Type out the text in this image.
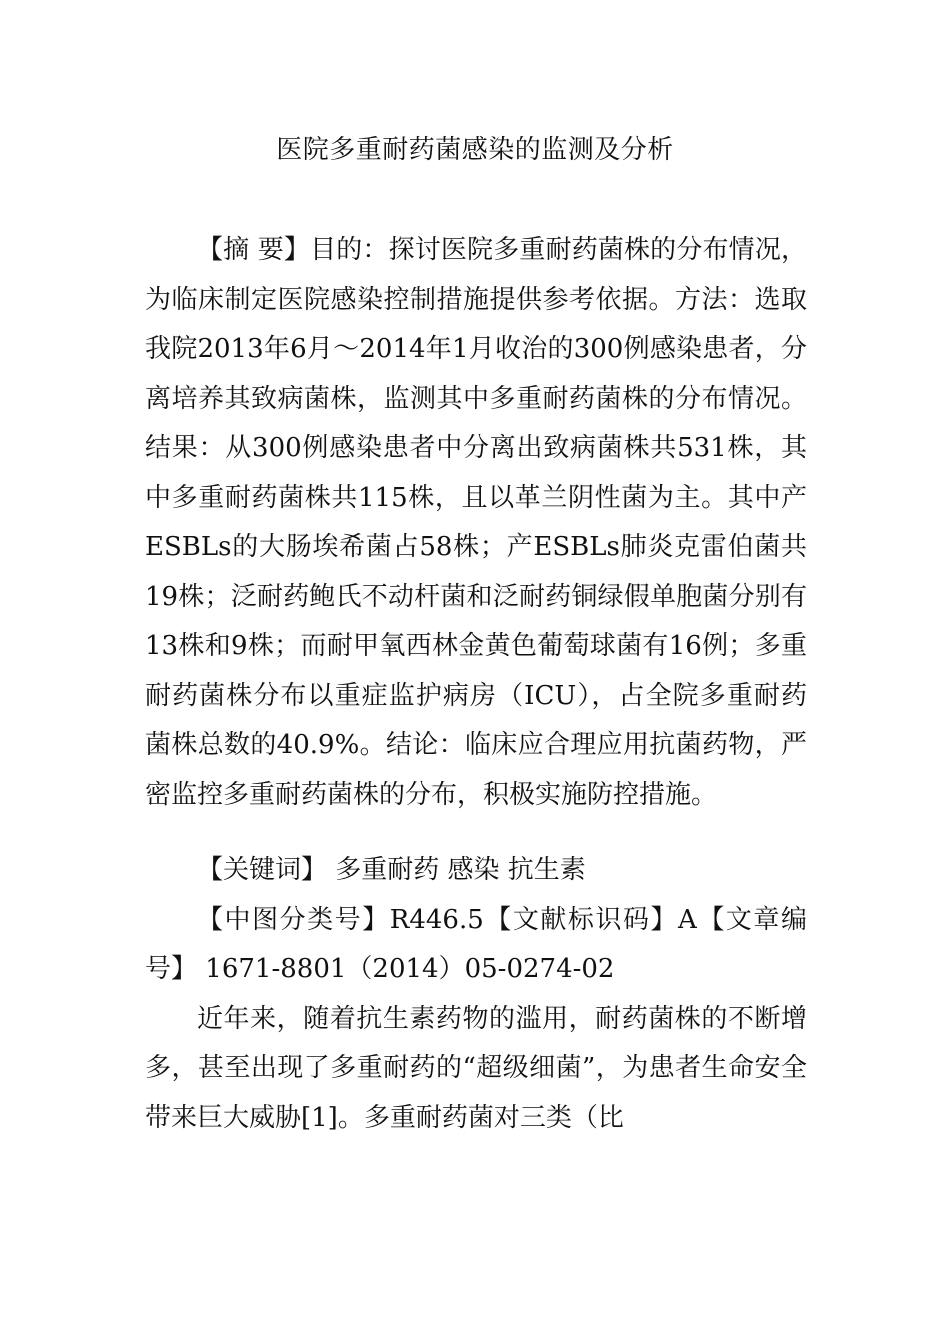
医院多重耐药菌感染的监测及分析

【摘 要】目的：探讨医院多重耐药菌株的分布情况，为临床制定医院感染控制措施提供参考依据。方法：选取我院2013年6月～2014年1月收治的300例感染患者，分离培养其致病菌株，监测其中多重耐药菌株的分布情况。结果：从300例感染患者中分离出致病菌株共531株，其中多重耐药菌株共115株，且以革兰阴性菌为主。其中产ESBLs的大肠埃希菌占58株；产ESBLs肺炎克雷伯菌共19株；泛耐药鲍氏不动杆菌和泛耐药铜绿假单胞菌分别有13株和9株；而耐甲氧西林金黄色葡萄球菌有16例；多重耐药菌株分布以重症监护病房（ICU），占全院多重耐药菌株总数的40.9%。结论：临床应合理应用抗菌药物，严密监控多重耐药菌株的分布，积极实施防控措施。

【关键词】 多重耐药 感染 抗生素

【中图分类号】R446.5【文献标识码】A【文章编号】 1671-8801（2014）05-0274-02

近年来，随着抗生素药物的滥用，耐药菌株的不断增多，甚至出现了多重耐药的“超级细菌”，为患者生命安全带来巨大威胁[1]。多重耐药菌对三类（比
